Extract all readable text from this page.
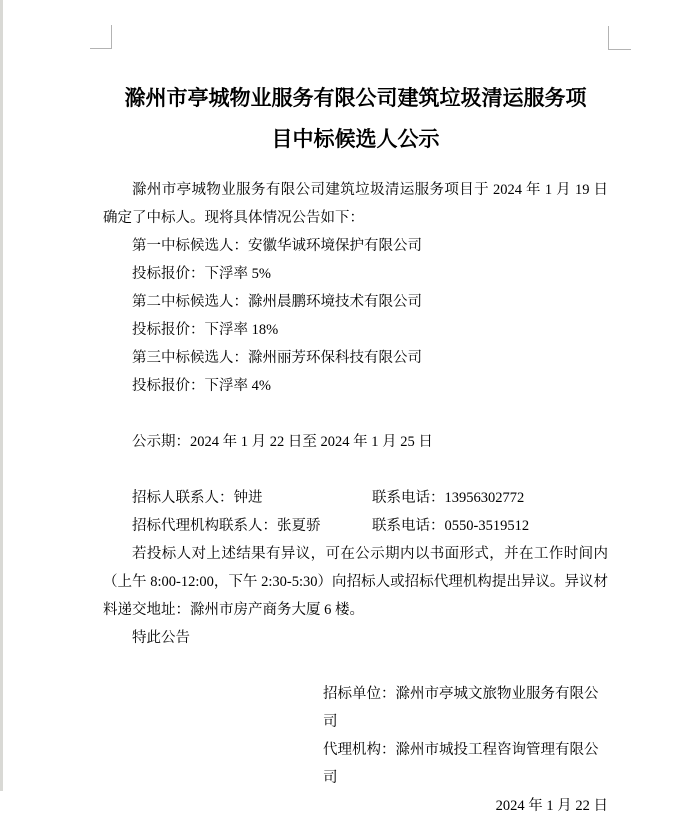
滁州市亭城物业服务有限公司建筑垃圾清运服务项
目中标候选人公示

滁州市亭城物业服务有限公司建筑垃圾清运服务项目于 2024 年 1 月 19 日确定了中标人。现将具体情况公告如下：

第一中标候选人：安徽华诚环境保护有限公司

投标报价：下浮率 5%

第二中标候选人：滁州晨鹏环境技术有限公司

投标报价：下浮率 18%

第三中标候选人：滁州丽芳环保科技有限公司

投标报价：下浮率 4%

公示期：2024 年 1 月 22 日至 2024 年 1 月 25 日

招标人联系人：钟进	联系电话：13956302772
招标代理机构联系人：张夏骄	联系电话：0550-3519512

若投标人对上述结果有异议，可在公示期内以书面形式，并在工作时间内（上午 8:00-12:00，下午 2:30-5:30）向招标人或招标代理机构提出异议。异议材料递交地址：滁州市房产商务大厦 6 楼。

特此公告

招标单位：滁州市亭城文旅物业服务有限公司

代理机构：滁州市城投工程咨询管理有限公司

2024 年 1 月 22 日
